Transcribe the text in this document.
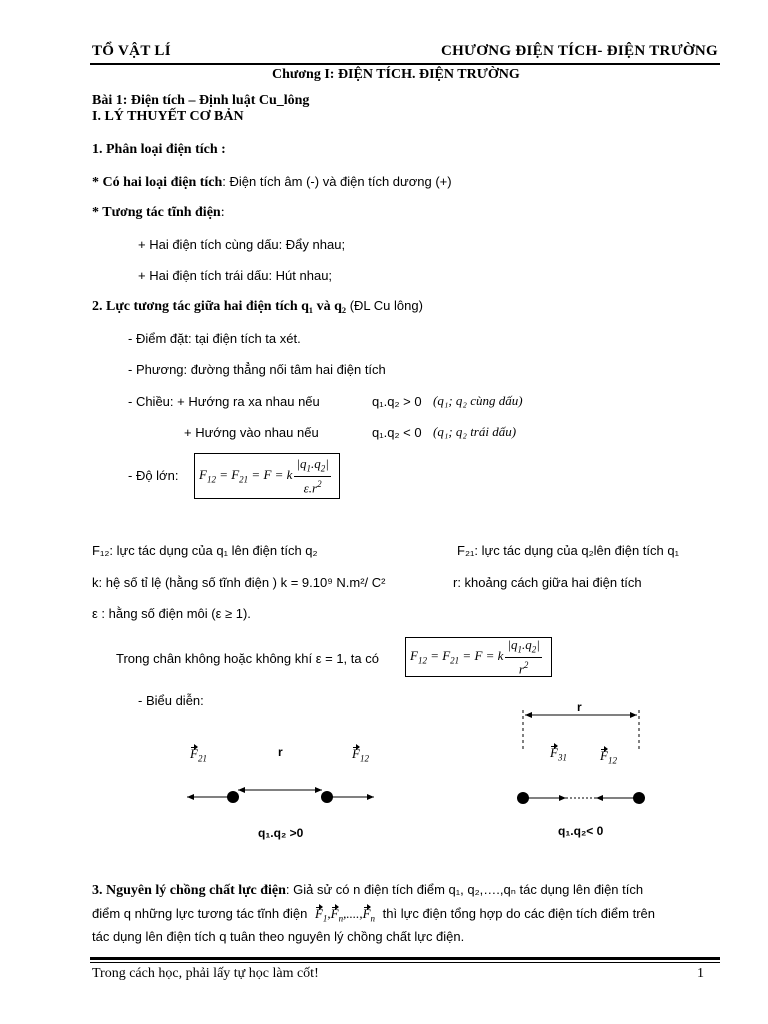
TỔ VẬT LÍ	CHƯƠNG ĐIỆN TÍCH- ĐIỆN TRƯỜNG
Chương I: ĐIỆN TÍCH. ĐIỆN TRƯỜNG
Bài 1: Điện tích – Định luật Cu_lông
I. LÝ THUYẾT CƠ BẢN
1. Phân loại điện tích :
* Có hai loại điện tích: Điện tích âm (-) và điện tích dương (+)
* Tương tác tĩnh điện:
+ Hai điện tích cùng dấu: Đẩy nhau;
+ Hai điện tích trái dấu: Hút nhau;
2. Lực tương tác giữa hai điện tích q₁ và q₂ (ĐL Cu lông)
- Điểm đặt: tại điện tích ta xét.
- Phương: đường thẳng nối tâm hai điện tích
- Chiều: + Hướng ra xa nhau nếu	q₁.q₂ > 0 (q₁; q₂ cùng dấu)
+ Hướng vào nhau nếu	q₁.q₂ < 0 (q₁; q₂ trái dấu)
- Độ lớn: $F_{12} = F_{21} = F = k \frac{|q_1.q_2|}{\varepsilon.r^2}$
F₁₂: lực tác dụng của q₁ lên điện tích q₂	F₂₁: lực tác dụng của q₂lên điện tích q₁
k: hệ số tỉ lệ (hằng số tĩnh điện ) k = 9.10⁹ N.m²/ C²	r: khoảng cách giữa hai điện tích
ε : hằng số điện môi (ε ≥ 1).
Trong chân không hoặc không khí ε = 1, ta có $F_{12} = F_{21} = F = k \frac{|q_1.q_2|}{r^2}$
- Biểu diễn:
$F_{21}$	r	$F_{12}$
q₁.q₂ >0
r
$F_{31}$	$F_{12}$
q₁.q₂< 0
3. Nguyên lý chồng chất lực điện: Giả sử có n điện tích điểm q₁, q₂,….,qₙ tác dụng lên điện tích
điểm q những lực tương tác tĩnh điện $F_1,F_n,....,F_n$ thì lực điện tổng hợp do các điện tích điểm trên
tác dụng lên điện tích q tuân theo nguyên lý chồng chất lực điện.
Trong cách học, phải lấy tự học làm cốt!	1
